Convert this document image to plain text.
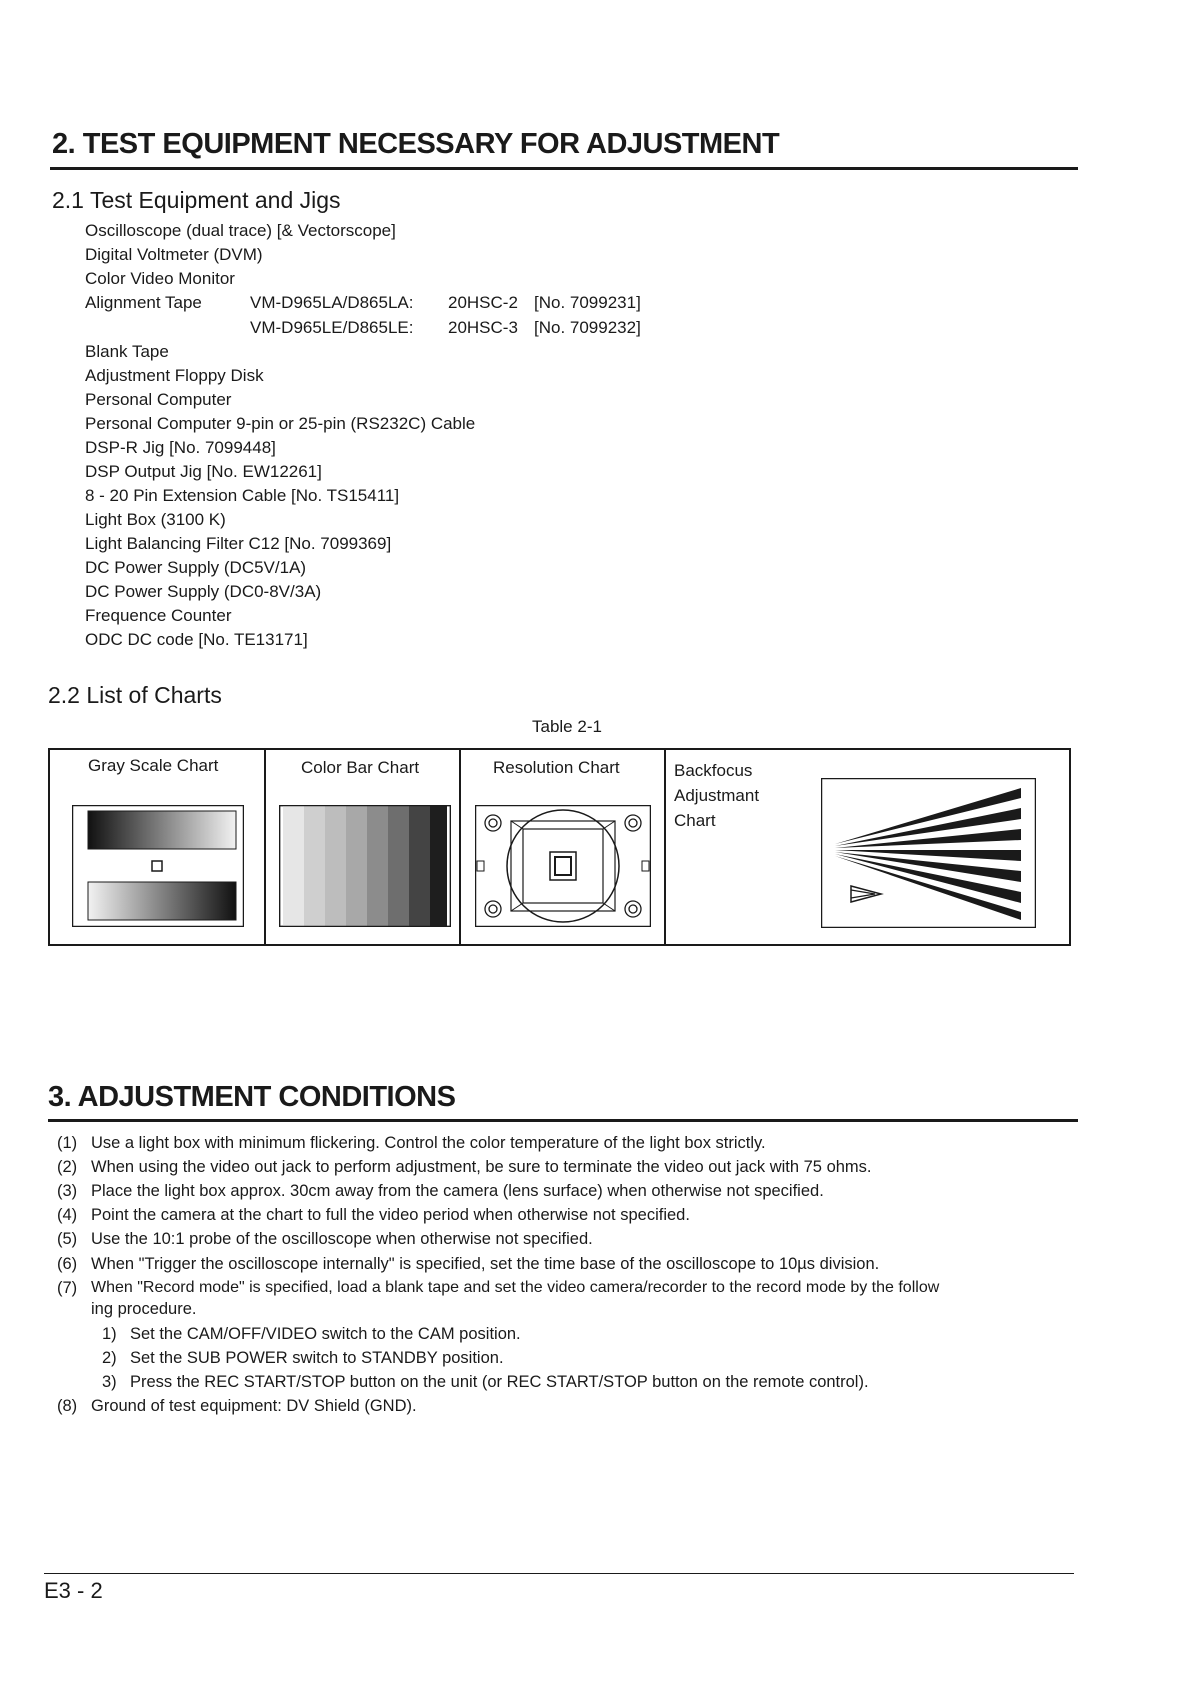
2. TEST EQUIPMENT NECESSARY FOR ADJUSTMENT
2.1 Test Equipment and Jigs
Oscilloscope (dual trace) [& Vectorscope]
Digital Voltmeter (DVM)
Color Video Monitor
Alignment Tape	VM-D965LA/D865LA: 20HSC-2 [No. 7099231]
VM-D965LE/D865LE: 20HSC-3 [No. 7099232]
Blank Tape
Adjustment Floppy Disk
Personal Computer
Personal Computer 9-pin or 25-pin (RS232C) Cable
DSP-R Jig [No. 7099448]
DSP Output Jig [No. EW12261]
8 - 20 Pin Extension Cable [No. TS15411]
Light Box (3100 K)
Light Balancing Filter C12 [No. 7099369]
DC Power Supply (DC5V/1A)
DC Power Supply (DC0-8V/3A)
Frequence Counter
ODC DC code [No. TE13171]
2.2 List of Charts
Table 2-1
Gray Scale Chart	Color Bar Chart	Resolution Chart	Backfocus
Adjustmant
Chart
3. ADJUSTMENT CONDITIONS
(1) Use a light box with minimum flickering. Control the color temperature of the light box strictly.
(2) When using the video out jack to perform adjustment, be sure to terminate the video out jack with 75 ohms.
(3) Place the light box approx. 30cm away from the camera (lens surface) when otherwise not specified.
(4) Point the camera at the chart to full the video period when otherwise not specified.
(5) Use the 10:1 probe of the oscilloscope when otherwise not specified.
(6) When "Trigger the oscilloscope internally" is specified, set the time base of the oscilloscope to 10µs division.
(7) When "Record mode" is specified, load a blank tape and set the video camera/recorder to the record mode by the follow
ing procedure.
1) Set the CAM/OFF/VIDEO switch to the CAM position.
2) Set the SUB POWER switch to STANDBY position.
3) Press the REC START/STOP button on the unit (or REC START/STOP button on the remote control).
(8) Ground of test equipment: DV Shield (GND).
E3 - 2
